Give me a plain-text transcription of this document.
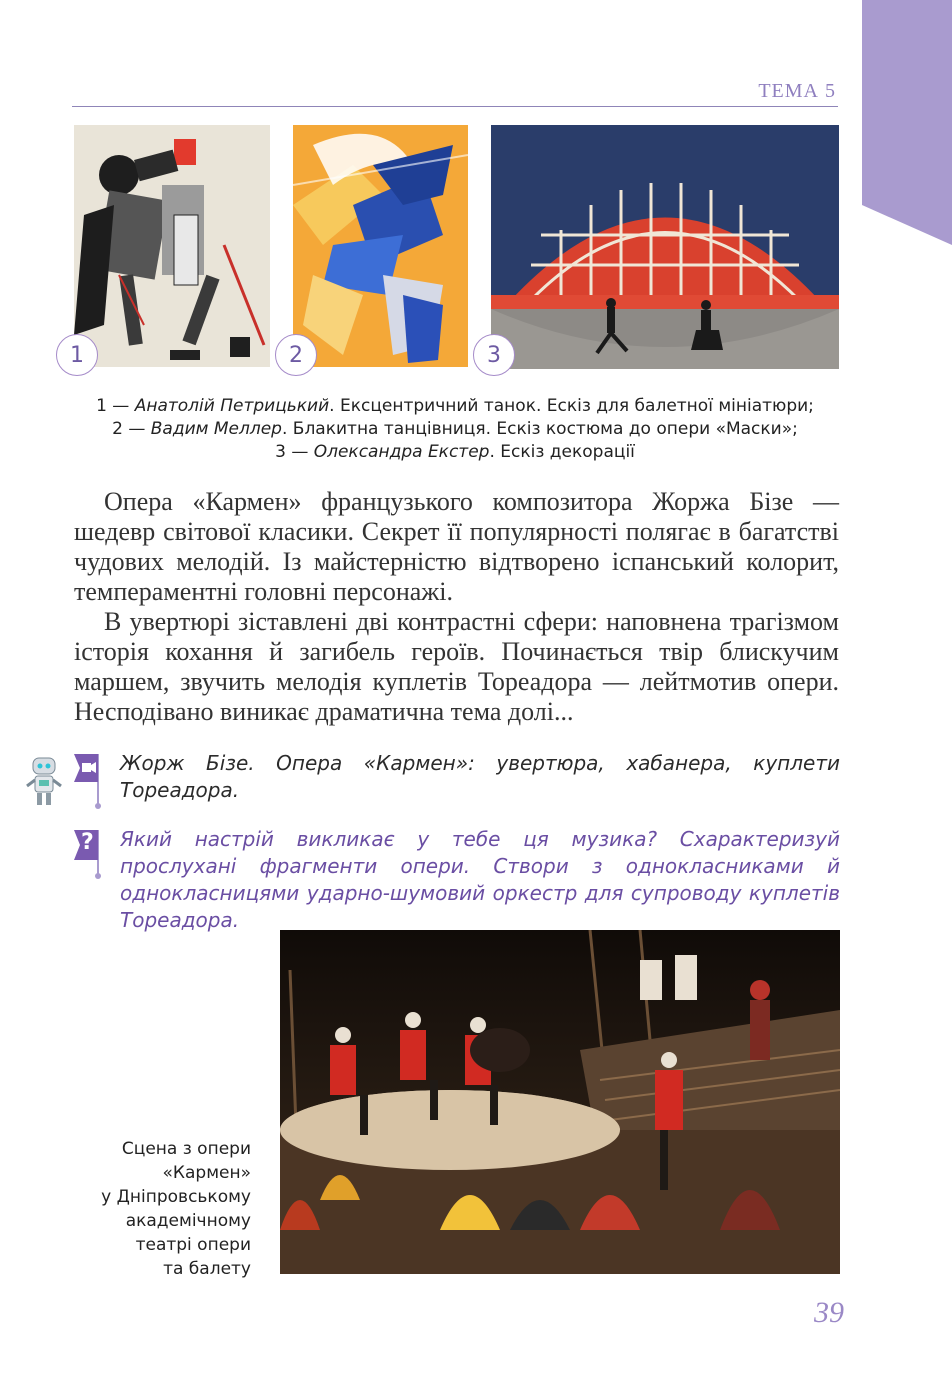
ТЕМА 5
1	2	3
1 — Анатолій Петрицький. Ексцентричний танок. Ескіз для балетної мініатюри;
2 — Вадим Меллер. Блакитна танцівниця. Ескіз костюма до опери «Маски»;
3 — Олександра Екстер. Ескіз декорації

Опера «Кармен» французького композитора Жоржа Бізе — шедевр світової класики. Секрет її популярності полягає в багатстві чудових мелодій. Із майстерністю відтворено іспанський колорит, темпераментні головні персонажі.

В увертюрі зіставлені дві контрастні сфери: наповнена трагізмом історія кохання й загибель героїв. Починається твір блискучим маршем, звучить мелодія куплетів Тореадора — лейтмотив опери. Несподівано виникає драматична тема долі...

Жорж Бізе. Опера «Кармен»: увертюра, хабанера, куплети Тореадора.
? Який настрій викликає у тебе ця музика? Схарактеризуй прослухані фрагменти опери. Створи з однокласниками й однокласницями ударно-шумовий оркестр для супроводу куплетів Тореадора.
Сцена з опери
«Кармен»
у Дніпровському
академічному
театрі опери
та балету
39
